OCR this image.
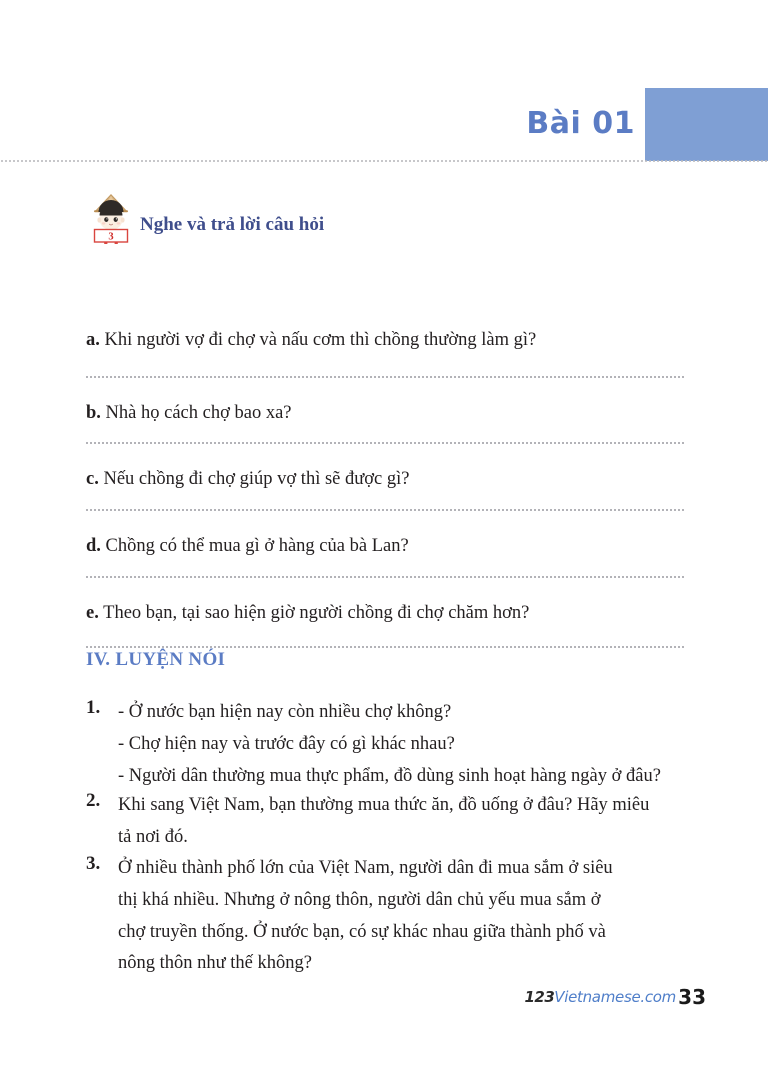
Bài 01
3
Nghe và trả lời câu hỏi
a. Khi người vợ đi chợ và nấu cơm thì chồng thường làm gì?
b. Nhà họ cách chợ bao xa?
c. Nếu chồng đi chợ giúp vợ thì sẽ được gì?
d. Chồng có thể mua gì ở hàng của bà Lan?
e. Theo bạn, tại sao hiện giờ người chồng đi chợ chăm hơn?
IV. LUYỆN NÓI
1. - Ở nước bạn hiện nay còn nhiều chợ không?

- Chợ hiện nay và trước đây có gì khác nhau?

- Người dân thường mua thực phẩm, đồ dùng sinh hoạt hàng ngày ở đâu?

2. Khi sang Việt Nam, bạn thường mua thức ăn, đồ uống ở đâu? Hãy miêu

tả nơi đó.

3. Ở nhiều thành phố lớn của Việt Nam, người dân đi mua sắm ở siêu

thị khá nhiều. Nhưng ở nông thôn, người dân chủ yếu mua sắm ở

chợ truyền thống. Ở nước bạn, có sự khác nhau giữa thành phố và

nông thôn như thế không?

123Vietnamese.com 33
